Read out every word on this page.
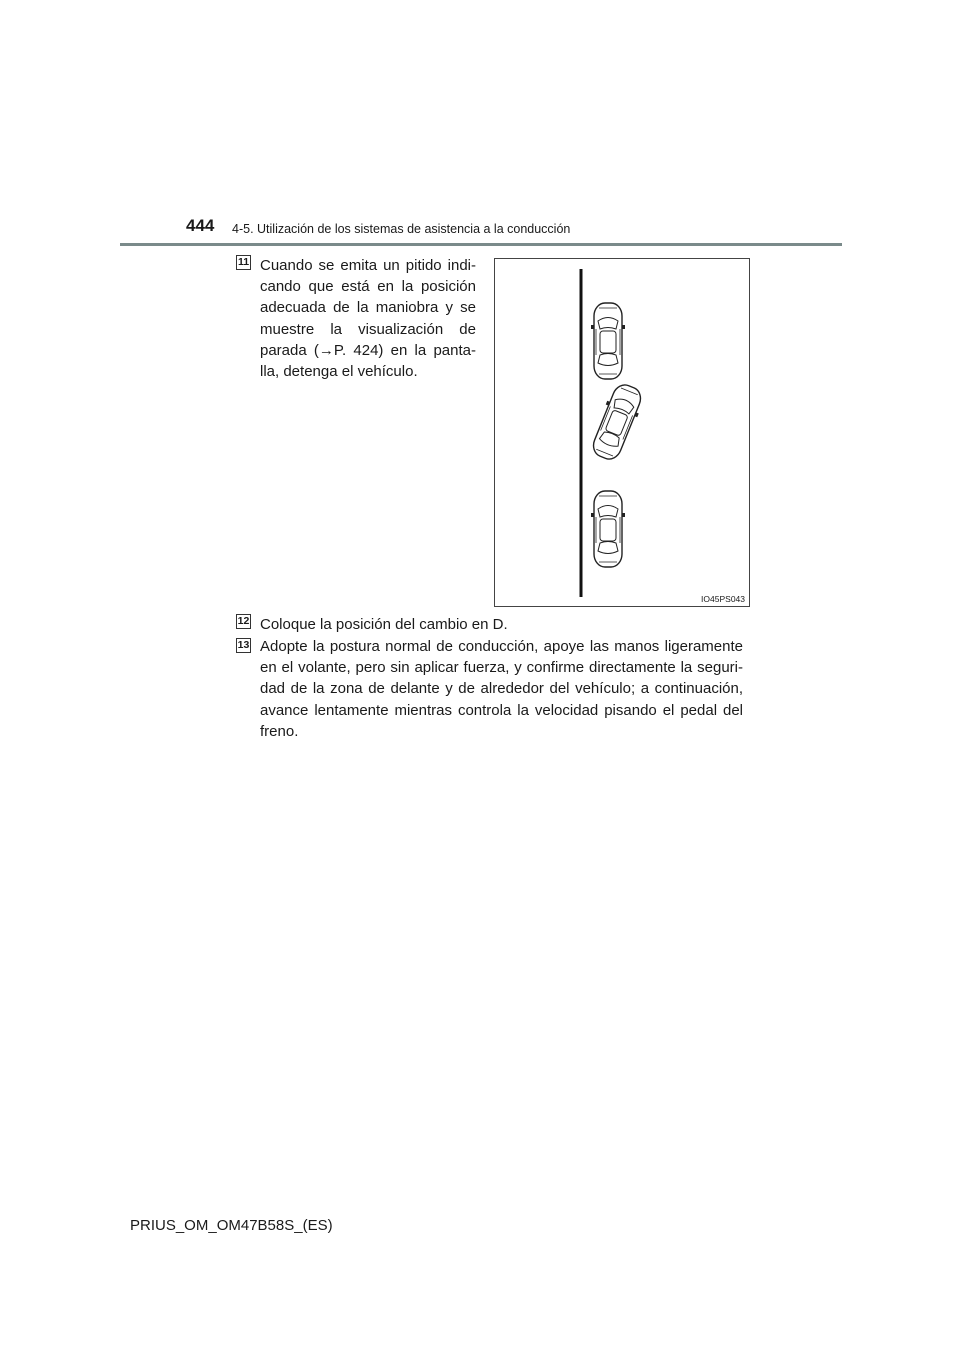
444 4-5. Utilización de los sistemas de asistencia a la conducción
11 Cuando se emita un pitido indi-cando que está en la posición adecuada de la maniobra y se muestre la visualización de parada (→P. 424) en la panta-lla, detenga el vehículo.

IO45PS043
12 Coloque la posición del cambio en D.

13 Adopte la postura normal de conducción, apoye las manos ligeramente en el volante, pero sin aplicar fuerza, y confirme directamente la seguri-dad de la zona de delante y de alrededor del vehículo; a continuación, avance lentamente mientras controla la velocidad pisando el pedal del freno.

PRIUS_OM_OM47B58S_(ES)
